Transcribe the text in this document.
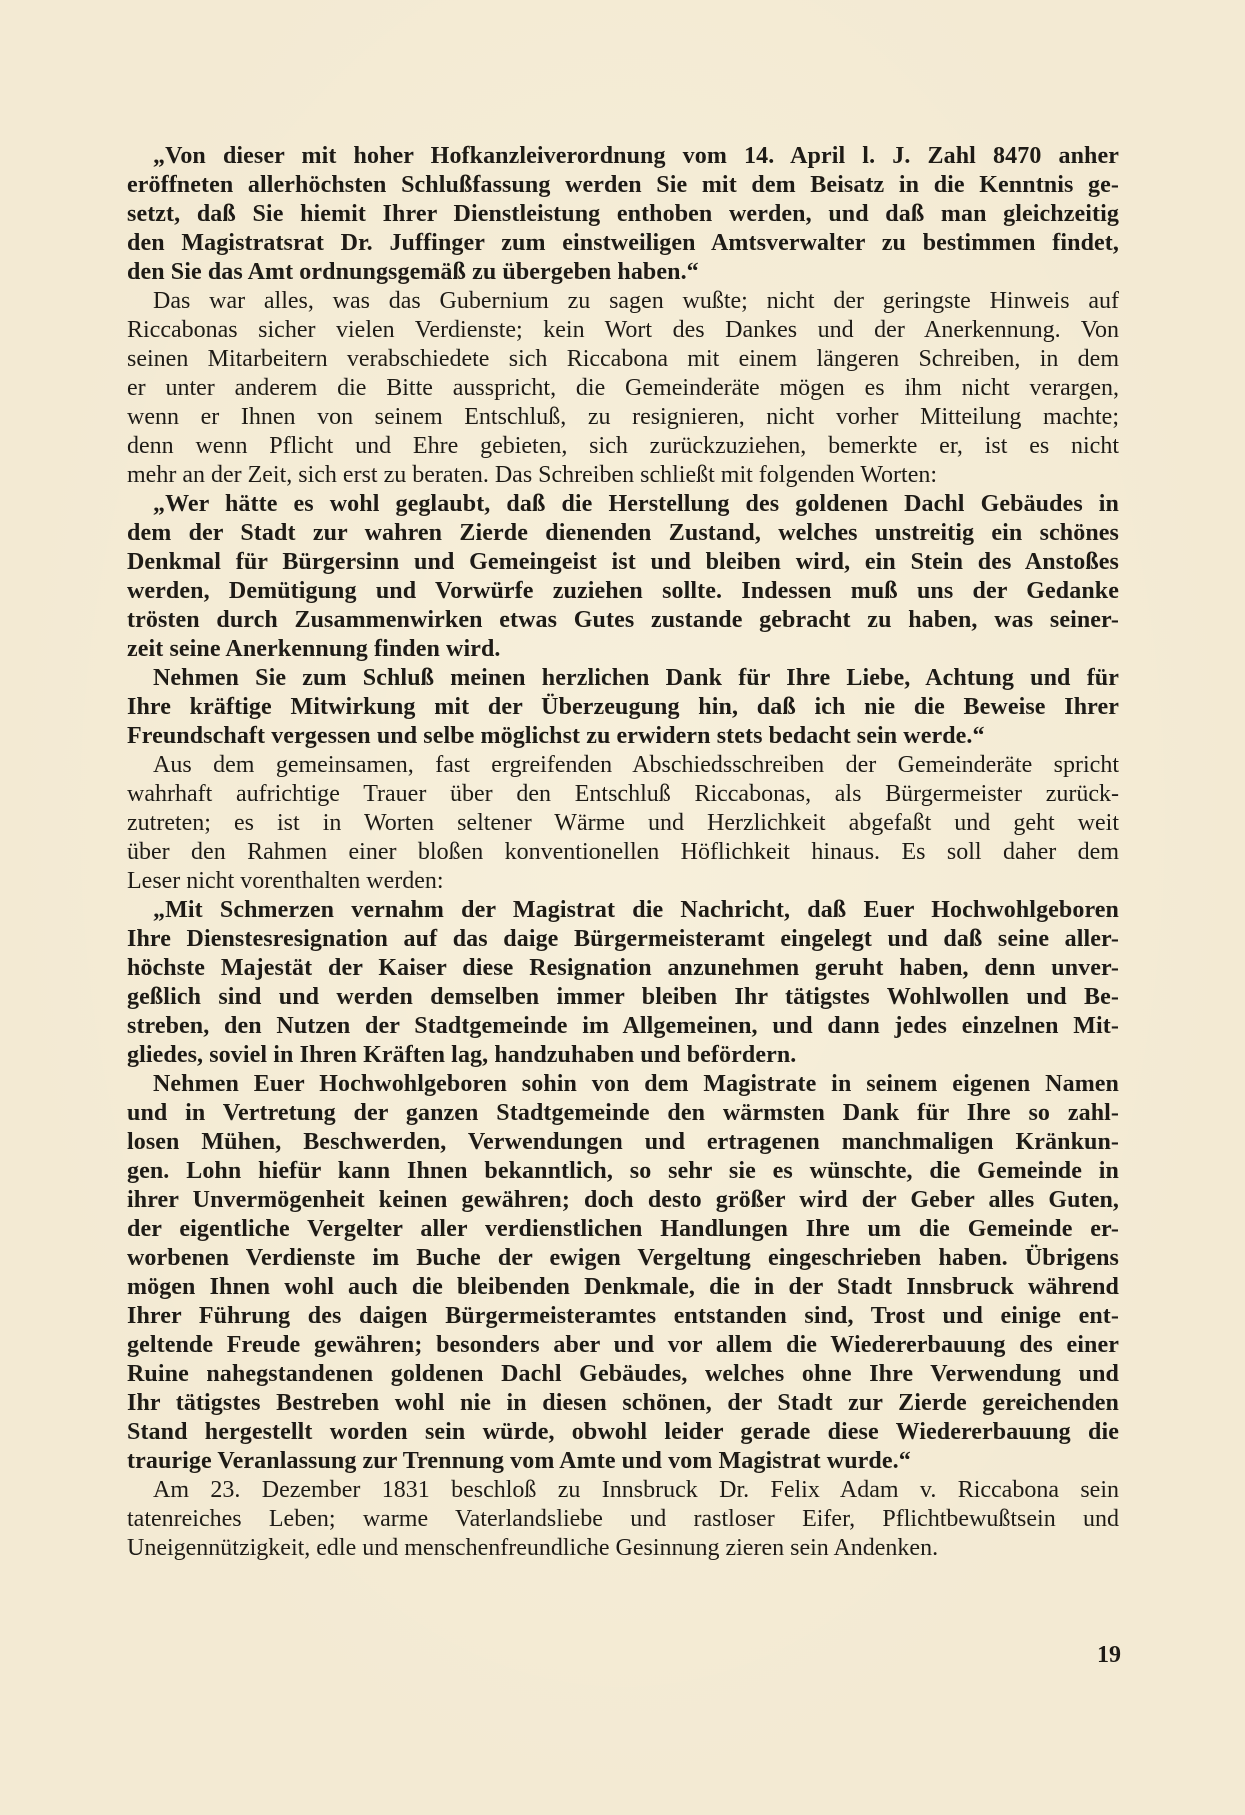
„Von dieser mit hoher Hofkanzleiverordnung vom 14. April l. J. Zahl 8470 anher
eröffneten allerhöchsten Schlußfassung werden Sie mit dem Beisatz in die Kenntnis ge-
setzt, daß Sie hiemit Ihrer Dienstleistung enthoben werden, und daß man gleichzeitig
den Magistratsrat Dr. Juffinger zum einstweiligen Amtsverwalter zu bestimmen findet,
den Sie das Amt ordnungsgemäß zu übergeben haben.“
Das war alles, was das Gubernium zu sagen wußte; nicht der geringste Hinweis auf
Riccabonas sicher vielen Verdienste; kein Wort des Dankes und der Anerkennung. Von
seinen Mitarbeitern verabschiedete sich Riccabona mit einem längeren Schreiben, in dem
er unter anderem die Bitte ausspricht, die Gemeinderäte mögen es ihm nicht verargen,
wenn er Ihnen von seinem Entschluß, zu resignieren, nicht vorher Mitteilung machte;
denn wenn Pflicht und Ehre gebieten, sich zurückzuziehen, bemerkte er, ist es nicht
mehr an der Zeit, sich erst zu beraten. Das Schreiben schließt mit folgenden Worten:
„Wer hätte es wohl geglaubt, daß die Herstellung des goldenen Dachl Gebäudes in
dem der Stadt zur wahren Zierde dienenden Zustand, welches unstreitig ein schönes
Denkmal für Bürgersinn und Gemeingeist ist und bleiben wird, ein Stein des Anstoßes
werden, Demütigung und Vorwürfe zuziehen sollte. Indessen muß uns der Gedanke
trösten durch Zusammenwirken etwas Gutes zustande gebracht zu haben, was seiner-
zeit seine Anerkennung finden wird.
Nehmen Sie zum Schluß meinen herzlichen Dank für Ihre Liebe, Achtung und für
Ihre kräftige Mitwirkung mit der Überzeugung hin, daß ich nie die Beweise Ihrer
Freundschaft vergessen und selbe möglichst zu erwidern stets bedacht sein werde.“
Aus dem gemeinsamen, fast ergreifenden Abschiedsschreiben der Gemeinderäte spricht
wahrhaft aufrichtige Trauer über den Entschluß Riccabonas, als Bürgermeister zurück-
zutreten; es ist in Worten seltener Wärme und Herzlichkeit abgefaßt und geht weit
über den Rahmen einer bloßen konventionellen Höflichkeit hinaus. Es soll daher dem
Leser nicht vorenthalten werden:
„Mit Schmerzen vernahm der Magistrat die Nachricht, daß Euer Hochwohlgeboren
Ihre Dienstesresignation auf das daige Bürgermeisteramt eingelegt und daß seine aller-
höchste Majestät der Kaiser diese Resignation anzunehmen geruht haben, denn unver-
geßlich sind und werden demselben immer bleiben Ihr tätigstes Wohlwollen und Be-
streben, den Nutzen der Stadtgemeinde im Allgemeinen, und dann jedes einzelnen Mit-
gliedes, soviel in Ihren Kräften lag, handzuhaben und befördern.
Nehmen Euer Hochwohlgeboren sohin von dem Magistrate in seinem eigenen Namen
und in Vertretung der ganzen Stadtgemeinde den wärmsten Dank für Ihre so zahl-
losen Mühen, Beschwerden, Verwendungen und ertragenen manchmaligen Kränkun-
gen. Lohn hiefür kann Ihnen bekanntlich, so sehr sie es wünschte, die Gemeinde in
ihrer Unvermögenheit keinen gewähren; doch desto größer wird der Geber alles Guten,
der eigentliche Vergelter aller verdienstlichen Handlungen Ihre um die Gemeinde er-
worbenen Verdienste im Buche der ewigen Vergeltung eingeschrieben haben. Übrigens
mögen Ihnen wohl auch die bleibenden Denkmale, die in der Stadt Innsbruck während
Ihrer Führung des daigen Bürgermeisteramtes entstanden sind, Trost und einige ent-
geltende Freude gewähren; besonders aber und vor allem die Wiedererbauung des einer
Ruine nahegstandenen goldenen Dachl Gebäudes, welches ohne Ihre Verwendung und
Ihr tätigstes Bestreben wohl nie in diesen schönen, der Stadt zur Zierde gereichenden
Stand hergestellt worden sein würde, obwohl leider gerade diese Wiedererbauung die
traurige Veranlassung zur Trennung vom Amte und vom Magistrat wurde.“
Am 23. Dezember 1831 beschloß zu Innsbruck Dr. Felix Adam v. Riccabona sein
tatenreiches Leben; warme Vaterlandsliebe und rastloser Eifer, Pflichtbewußtsein und
Uneigennützigkeit, edle und menschenfreundliche Gesinnung zieren sein Andenken.
19
